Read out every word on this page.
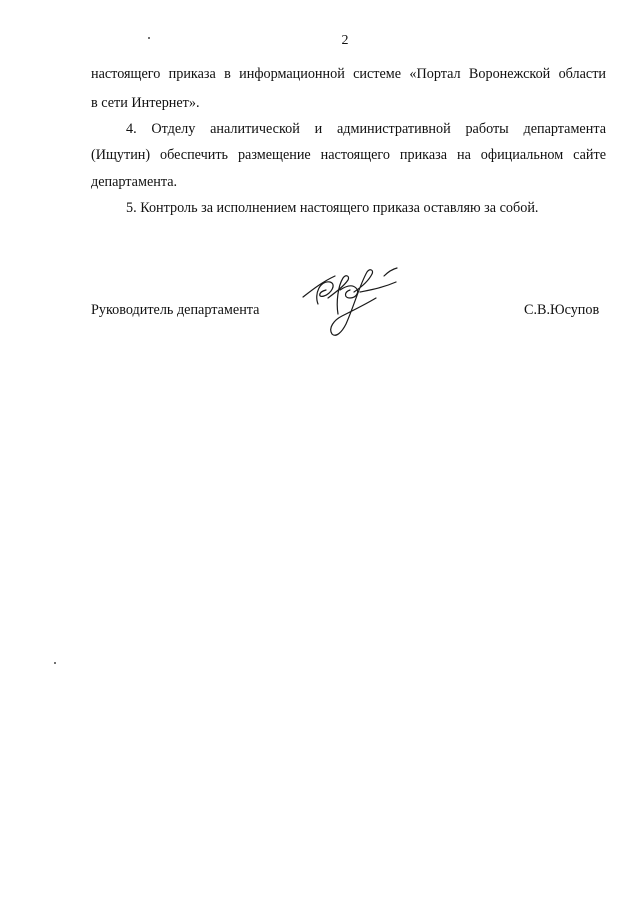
2
настоящего приказа в информационной системе «Портал Воронежской области
в сети Интернет».
4. Отделу аналитической и административной работы департамента
(Ищутин) обеспечить размещение настоящего приказа на официальном сайте
департамента.
5. Контроль за исполнением настоящего приказа оставляю за собой.
Руководитель департамента	С.В.Юсупов
